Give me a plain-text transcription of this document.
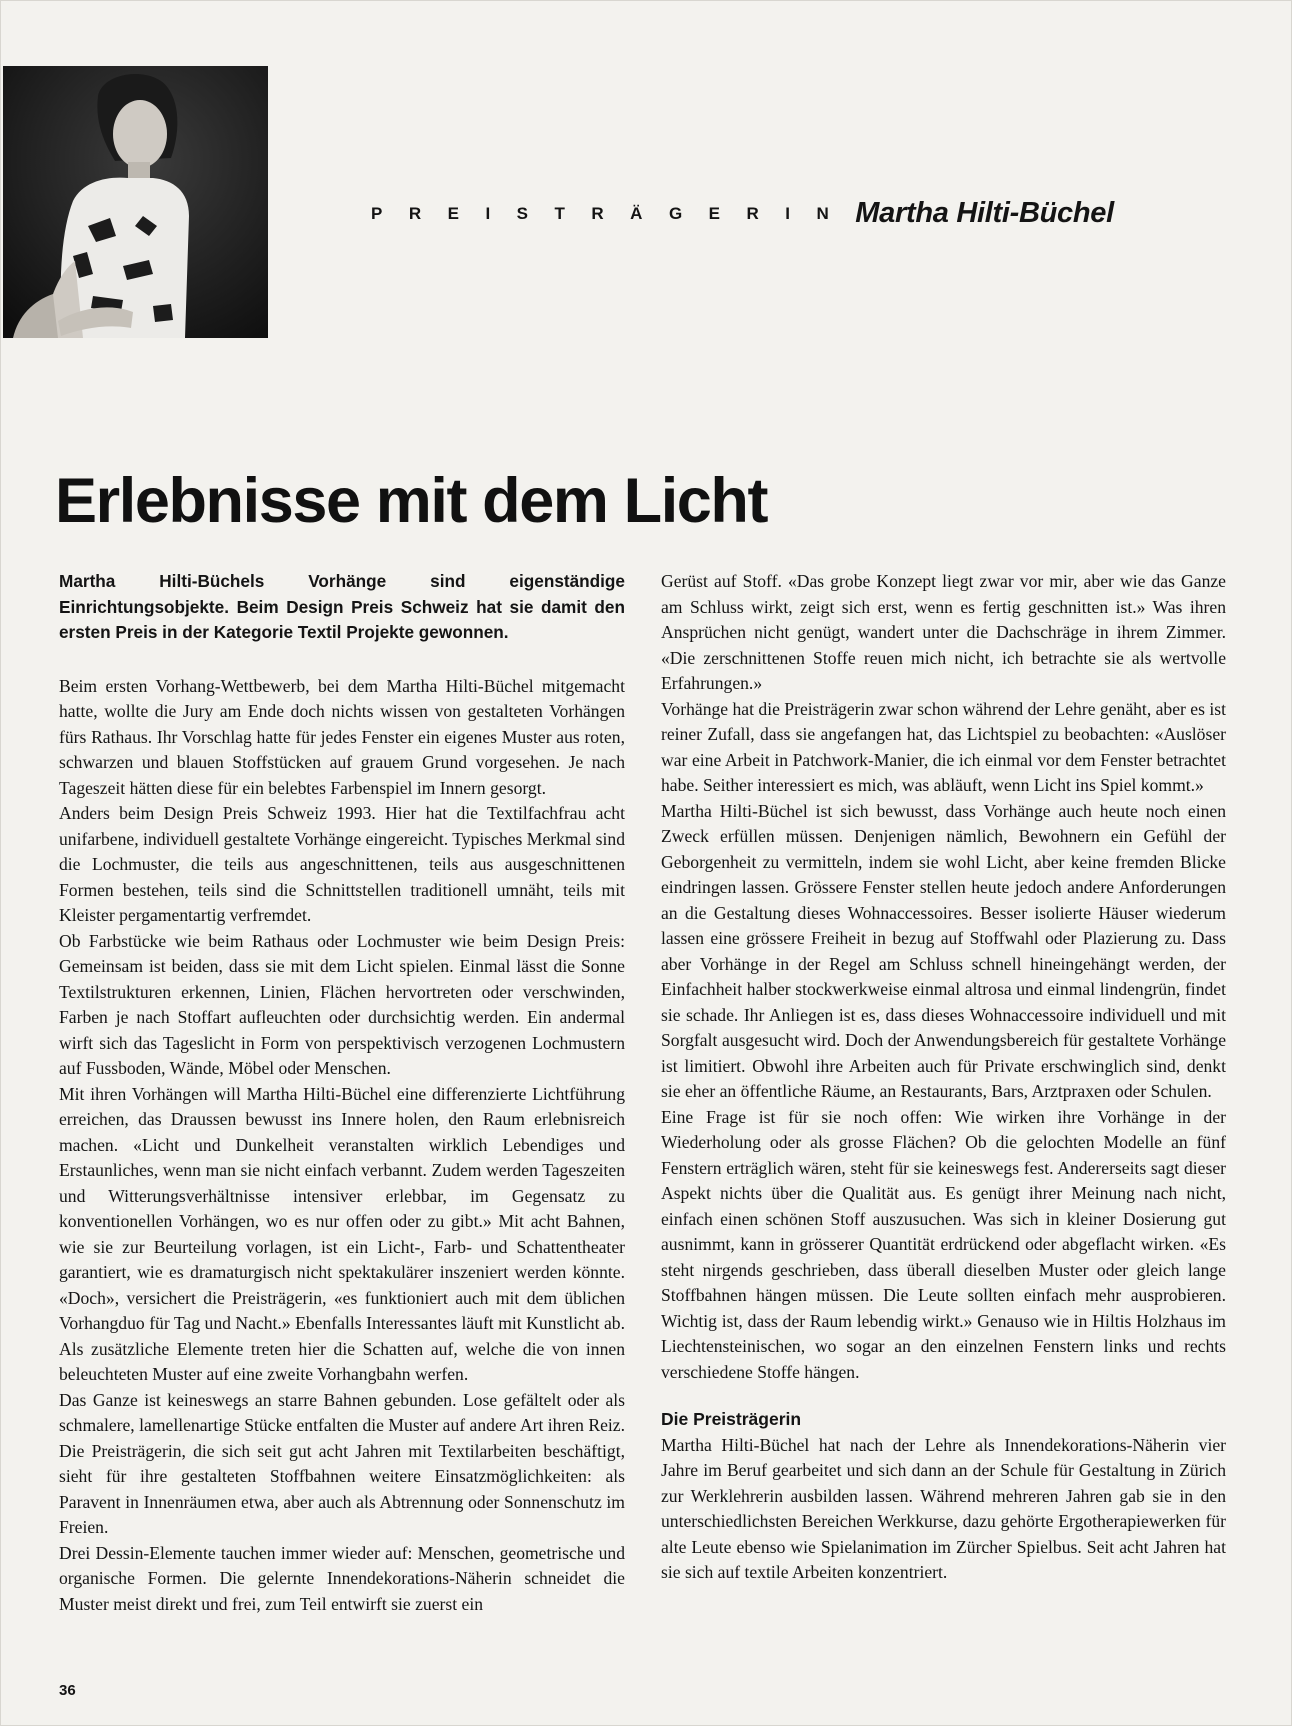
PREISTRÄGERIN Martha Hilti-Büchel
Erlebnisse mit dem Licht

Martha Hilti-Büchels Vorhänge sind eigenständige Einrichtungsobjekte. Beim Design Preis Schweiz hat sie damit den ersten Preis in der Kategorie Textil Projekte gewonnen.

Beim ersten Vorhang-Wettbewerb, bei dem Martha Hilti-Büchel mitgemacht hatte, wollte die Jury am Ende doch nichts wissen von gestalteten Vorhängen fürs Rathaus. Ihr Vorschlag hatte für jedes Fenster ein eigenes Muster aus roten, schwarzen und blauen Stoffstücken auf grauem Grund vorgesehen. Je nach Tageszeit hätten diese für ein belebtes Farbenspiel im Innern gesorgt.

Anders beim Design Preis Schweiz 1993. Hier hat die Textilfachfrau acht unifarbene, individuell gestaltete Vorhänge eingereicht. Typisches Merkmal sind die Lochmuster, die teils aus angeschnittenen, teils aus ausgeschnittenen Formen bestehen, teils sind die Schnittstellen traditionell umnäht, teils mit Kleister pergamentartig verfremdet.

Ob Farbstücke wie beim Rathaus oder Lochmuster wie beim Design Preis: Gemeinsam ist beiden, dass sie mit dem Licht spielen. Einmal lässt die Sonne Textilstrukturen erkennen, Linien, Flächen hervortreten oder verschwinden, Farben je nach Stoffart aufleuchten oder durchsichtig werden. Ein andermal wirft sich das Tageslicht in Form von perspektivisch verzogenen Lochmustern auf Fussboden, Wände, Möbel oder Menschen.

Mit ihren Vorhängen will Martha Hilti-Büchel eine differenzierte Lichtführung erreichen, das Draussen bewusst ins Innere holen, den Raum erlebnisreich machen. «Licht und Dunkelheit veranstalten wirklich Lebendiges und Erstaunliches, wenn man sie nicht einfach verbannt. Zudem werden Tageszeiten und Witterungsverhältnisse intensiver erlebbar, im Gegensatz zu konventionellen Vorhängen, wo es nur offen oder zu gibt.» Mit acht Bahnen, wie sie zur Beurteilung vorlagen, ist ein Licht-, Farb- und Schattentheater garantiert, wie es dramaturgisch nicht spektakulärer inszeniert werden könnte. «Doch», versichert die Preisträgerin, «es funktioniert auch mit dem üblichen Vorhangduo für Tag und Nacht.» Ebenfalls Interessantes läuft mit Kunstlicht ab. Als zusätzliche Elemente treten hier die Schatten auf, welche die von innen beleuchteten Muster auf eine zweite Vorhangbahn werfen.

Das Ganze ist keineswegs an starre Bahnen gebunden. Lose gefältelt oder als schmalere, lamellenartige Stücke entfalten die Muster auf andere Art ihren Reiz. Die Preisträgerin, die sich seit gut acht Jahren mit Textilarbeiten beschäftigt, sieht für ihre gestalteten Stoffbahnen weitere Einsatzmöglichkeiten: als Paravent in Innenräumen etwa, aber auch als Abtrennung oder Sonnenschutz im Freien.

Drei Dessin-Elemente tauchen immer wieder auf: Menschen, geometrische und organische Formen. Die gelernte Innendekorations-Näherin schneidet die Muster meist direkt und frei, zum Teil entwirft sie zuerst ein

Gerüst auf Stoff. «Das grobe Konzept liegt zwar vor mir, aber wie das Ganze am Schluss wirkt, zeigt sich erst, wenn es fertig geschnitten ist.» Was ihren Ansprüchen nicht genügt, wandert unter die Dachschräge in ihrem Zimmer. «Die zerschnittenen Stoffe reuen mich nicht, ich betrachte sie als wertvolle Erfahrungen.»

Vorhänge hat die Preisträgerin zwar schon während der Lehre genäht, aber es ist reiner Zufall, dass sie angefangen hat, das Lichtspiel zu beobachten: «Auslöser war eine Arbeit in Patchwork-Manier, die ich einmal vor dem Fenster betrachtet habe. Seither interessiert es mich, was abläuft, wenn Licht ins Spiel kommt.»

Martha Hilti-Büchel ist sich bewusst, dass Vorhänge auch heute noch einen Zweck erfüllen müssen. Denjenigen nämlich, Bewohnern ein Gefühl der Geborgenheit zu vermitteln, indem sie wohl Licht, aber keine fremden Blicke eindringen lassen. Grössere Fenster stellen heute jedoch andere Anforderungen an die Gestaltung dieses Wohnaccessoires. Besser isolierte Häuser wiederum lassen eine grössere Freiheit in bezug auf Stoffwahl oder Plazierung zu. Dass aber Vorhänge in der Regel am Schluss schnell hineingehängt werden, der Einfachheit halber stockwerkweise einmal altrosa und einmal lindengrün, findet sie schade. Ihr Anliegen ist es, dass dieses Wohnaccessoire individuell und mit Sorgfalt ausgesucht wird. Doch der Anwendungsbereich für gestaltete Vorhänge ist limitiert. Obwohl ihre Arbeiten auch für Private erschwinglich sind, denkt sie eher an öffentliche Räume, an Restaurants, Bars, Arztpraxen oder Schulen.

Eine Frage ist für sie noch offen: Wie wirken ihre Vorhänge in der Wiederholung oder als grosse Flächen? Ob die gelochten Modelle an fünf Fenstern erträglich wären, steht für sie keineswegs fest. Andererseits sagt dieser Aspekt nichts über die Qualität aus. Es genügt ihrer Meinung nach nicht, einfach einen schönen Stoff auszusuchen. Was sich in kleiner Dosierung gut ausnimmt, kann in grösserer Quantität erdrückend oder abgeflacht wirken. «Es steht nirgends geschrieben, dass überall dieselben Muster oder gleich lange Stoffbahnen hängen müssen. Die Leute sollten einfach mehr ausprobieren. Wichtig ist, dass der Raum lebendig wirkt.» Genauso wie in Hiltis Holzhaus im Liechtensteinischen, wo sogar an den einzelnen Fenstern links und rechts verschiedene Stoffe hängen.

Die Preisträgerin

Martha Hilti-Büchel hat nach der Lehre als Innendekorations-Näherin vier Jahre im Beruf gearbeitet und sich dann an der Schule für Gestaltung in Zürich zur Werklehrerin ausbilden lassen. Während mehreren Jahren gab sie in den unterschiedlichsten Bereichen Werkkurse, dazu gehörte Ergotherapiewerken für alte Leute ebenso wie Spielanimation im Zürcher Spielbus. Seit acht Jahren hat sie sich auf textile Arbeiten konzentriert.

36
